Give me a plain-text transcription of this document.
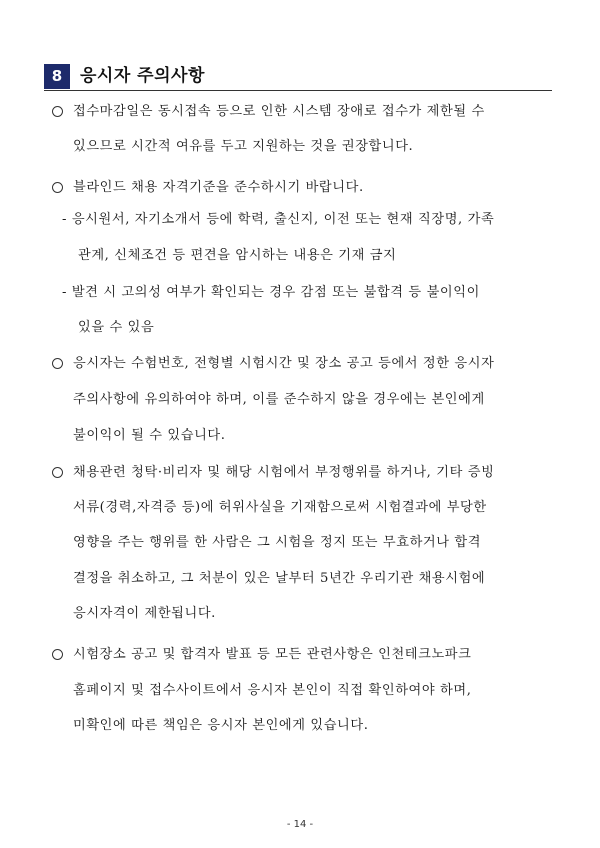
8	응시자 주의사항
접수마감일은 동시접속 등으로 인한 시스템 장애로 접수가 제한될 수
있으므로 시간적 여유를 두고 지원하는 것을 권장합니다.
블라인드 채용 자격기준을 준수하시기 바랍니다.
- 응시원서, 자기소개서 등에 학력, 출신지, 이전 또는 현재 직장명, 가족
관계, 신체조건 등 편견을 암시하는 내용은 기재 금지
- 발견 시 고의성 여부가 확인되는 경우 감점 또는 불합격 등 불이익이
있을 수 있음
응시자는 수험번호, 전형별 시험시간 및 장소 공고 등에서 정한 응시자
주의사항에 유의하여야 하며, 이를 준수하지 않을 경우에는 본인에게
불이익이 될 수 있습니다.
채용관련 청탁·비리자 및 해당 시험에서 부정행위를 하거나, 기타 증빙
서류(경력,자격증 등)에 허위사실을 기재함으로써 시험결과에 부당한
영향을 주는 행위를 한 사람은 그 시험을 정지 또는 무효하거나 합격
결정을 취소하고, 그 처분이 있은 날부터 5년간 우리기관 채용시험에
응시자격이 제한됩니다.
시험장소 공고 및 합격자 발표 등 모든 관련사항은 인천테크노파크
홈페이지 및 접수사이트에서 응시자 본인이 직접 확인하여야 하며,
미확인에 따른 책임은 응시자 본인에게 있습니다.
- 14 -
